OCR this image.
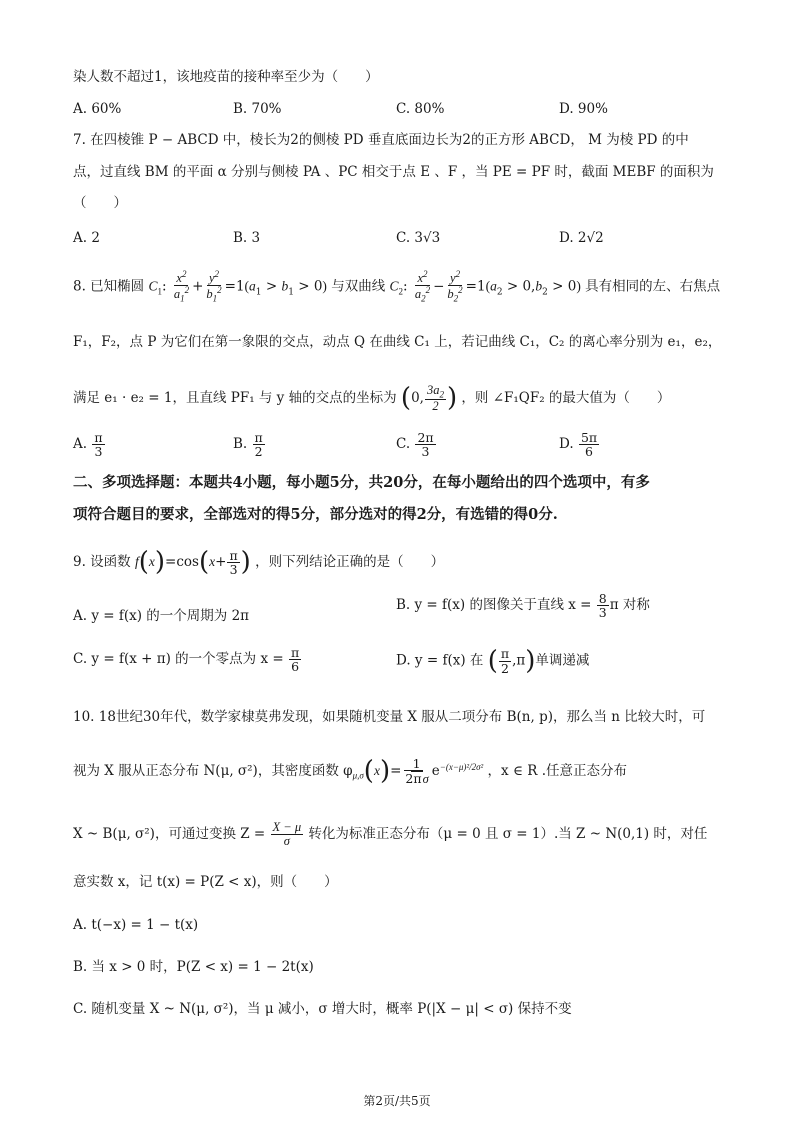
染人数不超过1，该地疫苗的接种率至少为（　　）
A. 60%	B. 70%	C. 80%	D. 90%
7. 在四棱锥 P − ABCD 中，棱长为2的侧棱 PD 垂直底面边长为2的正方形 ABCD， M 为棱 PD 的中
点，过直线 BM 的平面 α 分别与侧棱 PA 、PC 相交于点 E 、F ，当 PE = PF 时，截面 MEBF 的面积为
（　　）
A. 2	B. 3	C. 3√3	D. 2√2
8. 已知椭圆 $C_1$: $\frac{x^2}{a_1^2} + \frac{y^2}{b_1^2} =1(a_1 > b_1 > 0)$ 与双曲线 $C_2$: $\frac{x^2}{a_2^2} - \frac{y^2}{b_2^2} =1(a_2 > 0,b_2 > 0)$ 具有相同的左、右焦点
F₁，F₂，点 P 为它们在第一象限的交点，动点 Q 在曲线 C₁ 上，若记曲线 C₁，C₂ 的离心率分别为 e₁，e₂，
满足 e₁ · e₂ = 1，且直线 PF₁ 与 y 轴的交点的坐标为 (0, $\frac{3a_2}{2}$ ) ，则 ∠F₁QF₂ 的最大值为（　　）
A. $\frac{\pi}{3}$	B. $\frac{\pi}{2}$	C. $\frac{2\pi}{3}$	D. $\frac{5\pi}{6}$
二、多项选择题：本题共4小题，每小题5分，共20分，在每小题给出的四个选项中，有多
项符合题目的要求，全部选对的得5分，部分选对的得2分，有选错的得0分.
9. 设函数 $f(x)=\cos(x+ \frac{\pi}{3}$ ) ，则下列结论正确的是（　　）
A. y = f(x) 的一个周期为 2π
B. y = f(x) 的图像关于直线 $x = \frac{8}{3}$ π 对称
C. y = f(x + π) 的一个零点为 $x = \frac{\pi}{6}$	D. y = f(x) 在 ( $\frac{\pi}{2} ,\pi$)单调递减
10. 18世纪30年代，数学家棣莫弗发现，如果随机变量 X 服从二项分布 B(n, p)，那么当 n 比较大时，可
视为 X 服从正态分布 N(μ, σ²)，其密度函数 $\varphi_{\mu,\sigma}(x)= \frac{1}{2\pi\sigma} e^{-(x-\mu)^2/2\sigma^2}$ ，x ∈ R .任意正态分布
X ~ B(μ, σ²)，可通过变换 $Z = \frac{X - \mu}{\sigma}$ 转化为标准正态分布（μ = 0 且 σ = 1）.当 Z ~ N(0,1) 时，对任
意实数 x，记 t(x) = P(Z < x)，则（　　）
A. t(−x) = 1 − t(x)
B. 当 x > 0 时，P(Z < x) = 1 − 2t(x)
C. 随机变量 X ~ N(μ, σ²)，当 μ 减小，σ 增大时，概率 P(|X − μ| < σ) 保持不变
第2页/共5页
